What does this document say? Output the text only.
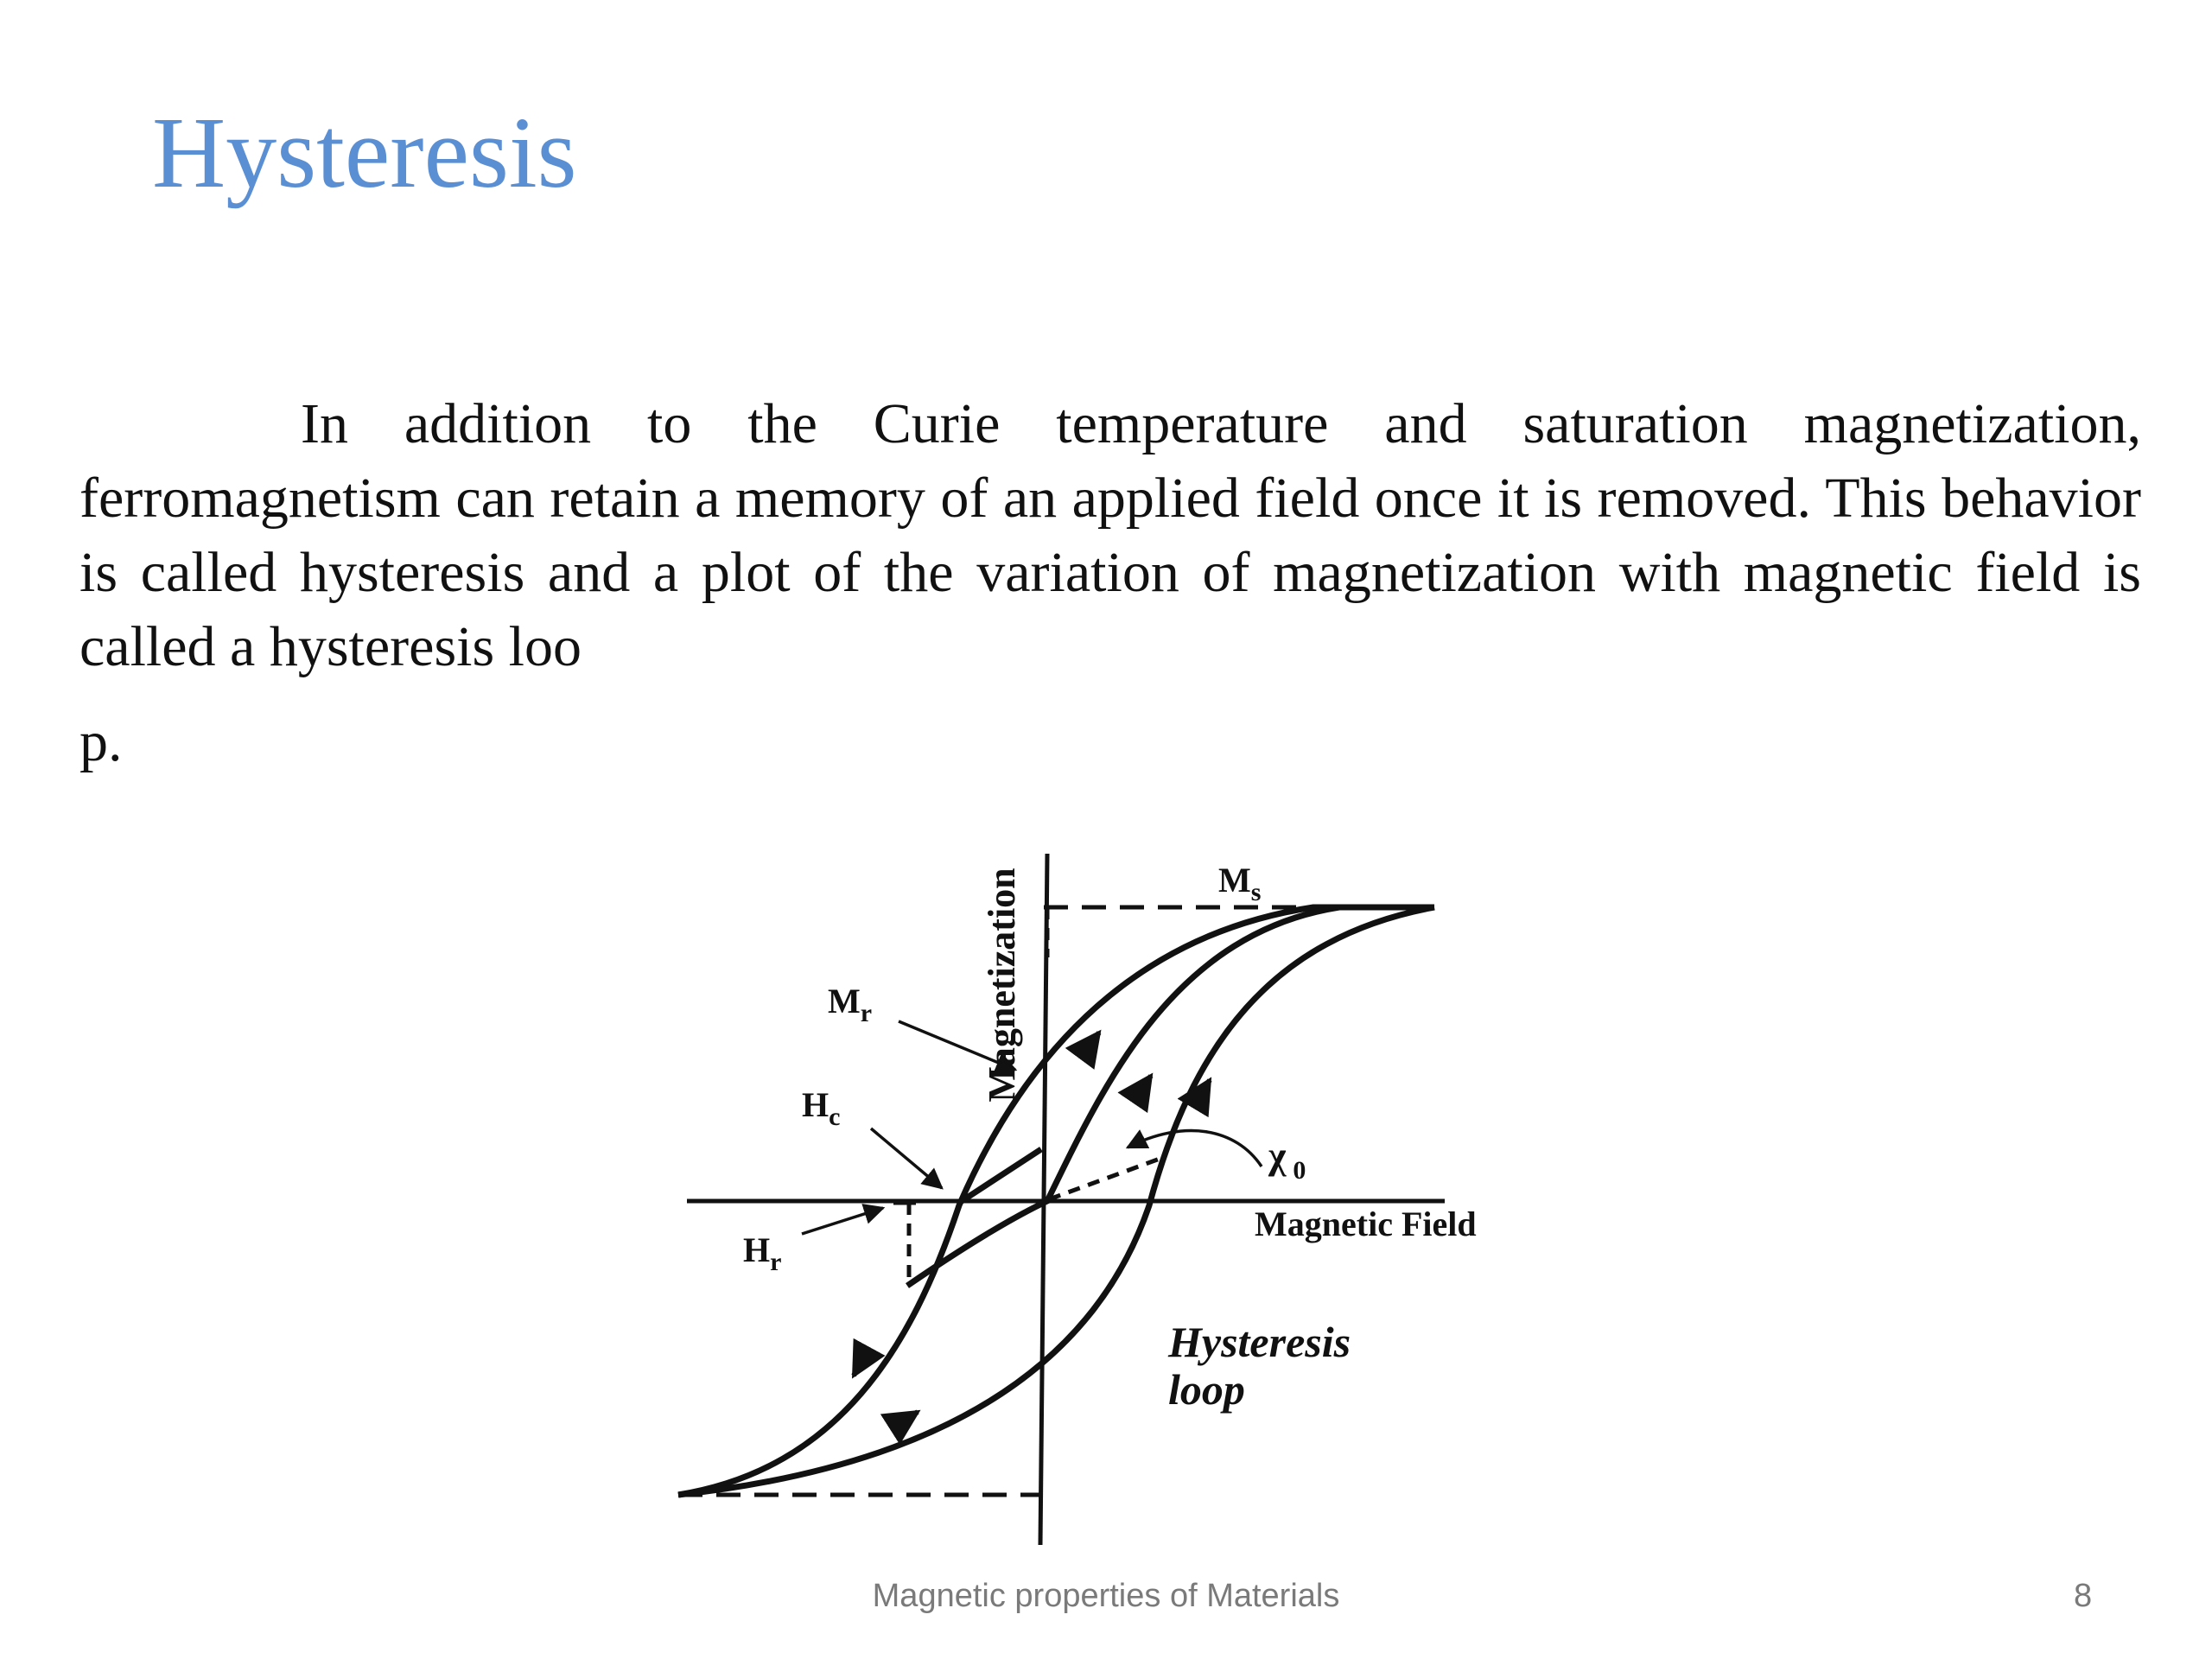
Hysteresis

In addition to the Curie temperature and saturation magnetization, ferromagnetism can retain a memory of an applied field once it is removed. This behavior is called hysteresis and a plot of the variation of magnetization with magnetic field is called a hysteresis loo

p.
Magnetization
Magnetic Field
$M_s$
$M_r$
$H_c$
$H_r$
χ $_0$
Hysteresis
loop
Magnetic properties of Materials	8
